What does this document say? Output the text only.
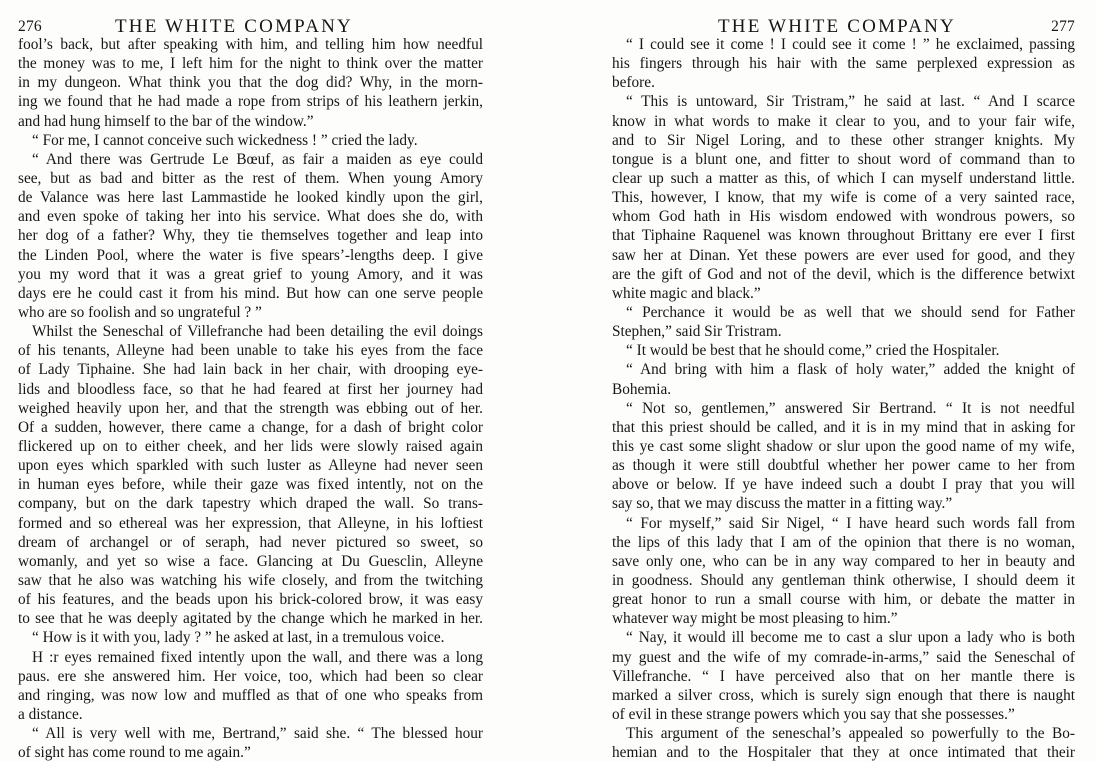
276	THE WHITE COMPANY
fool’s back, but after speaking with him, and telling him how needful
the money was to me, I left him for the night to think over the matter
in my dungeon. What think you that the dog did? Why, in the morn-
ing we found that he had made a rope from strips of his leathern jerkin,
and had hung himself to the bar of the window.”
“ For me, I cannot conceive such wickedness ! ” cried the lady.
“ And there was Gertrude Le Bœuf, as fair a maiden as eye could
see, but as bad and bitter as the rest of them. When young Amory
de Valance was here last Lammastide he looked kindly upon the girl,
and even spoke of taking her into his service. What does she do, with
her dog of a father? Why, they tie themselves together and leap into
the Linden Pool, where the water is five spears’-lengths deep. I give
you my word that it was a great grief to young Amory, and it was
days ere he could cast it from his mind. But how can one serve people
who are so foolish and so ungrateful ? ”
Whilst the Seneschal of Villefranche had been detailing the evil doings
of his tenants, Alleyne had been unable to take his eyes from the face
of Lady Tiphaine. She had lain back in her chair, with drooping eye-
lids and bloodless face, so that he had feared at first her journey had
weighed heavily upon her, and that the strength was ebbing out of her.
Of a sudden, however, there came a change, for a dash of bright color
flickered up on to either cheek, and her lids were slowly raised again
upon eyes which sparkled with such luster as Alleyne had never seen
in human eyes before, while their gaze was fixed intently, not on the
company, but on the dark tapestry which draped the wall. So trans-
formed and so ethereal was her expression, that Alleyne, in his loftiest
dream of archangel or of seraph, had never pictured so sweet, so
womanly, and yet so wise a face. Glancing at Du Guesclin, Alleyne
saw that he also was watching his wife closely, and from the twitching
of his features, and the beads upon his brick-colored brow, it was easy
to see that he was deeply agitated by the change which he marked in her.
“ How is it with you, lady ? ” he asked at last, in a tremulous voice.
H :r eyes remained fixed intently upon the wall, and there was a long
paus. ere she answered him. Her voice, too, which had been so clear
and ringing, was now low and muffled as that of one who speaks from
a distance.
“ All is very well with me, Bertrand,” said she. “ The blessed hour
of sight has come round to me again.”
THE WHITE COMPANY	277
“ I could see it come ! I could see it come ! ” he exclaimed, passing
his fingers through his hair with the same perplexed expression as
before.
“ This is untoward, Sir Tristram,” he said at last. “ And I scarce
know in what words to make it clear to you, and to your fair wife,
and to Sir Nigel Loring, and to these other stranger knights. My
tongue is a blunt one, and fitter to shout word of command than to
clear up such a matter as this, of which I can myself understand little.
This, however, I know, that my wife is come of a very sainted race,
whom God hath in His wisdom endowed with wondrous powers, so
that Tiphaine Raquenel was known throughout Brittany ere ever I first
saw her at Dinan. Yet these powers are ever used for good, and they
are the gift of God and not of the devil, which is the difference betwixt
white magic and black.”
“ Perchance it would be as well that we should send for Father
Stephen,” said Sir Tristram.
“ It would be best that he should come,” cried the Hospitaler.
“ And bring with him a flask of holy water,” added the knight of
Bohemia.
“ Not so, gentlemen,” answered Sir Bertrand. “ It is not needful
that this priest should be called, and it is in my mind that in asking for
this ye cast some slight shadow or slur upon the good name of my wife,
as though it were still doubtful whether her power came to her from
above or below. If ye have indeed such a doubt I pray that you will
say so, that we may discuss the matter in a fitting way.”
“ For myself,” said Sir Nigel, “ I have heard such words fall from
the lips of this lady that I am of the opinion that there is no woman,
save only one, who can be in any way compared to her in beauty and
in goodness. Should any gentleman think otherwise, I should deem it
great honor to run a small course with him, or debate the matter in
whatever way might be most pleasing to him.”
“ Nay, it would ill become me to cast a slur upon a lady who is both
my guest and the wife of my comrade-in-arms,” said the Seneschal of
Villefranche. “ I have perceived also that on her mantle there is
marked a silver cross, which is surely sign enough that there is naught
of evil in these strange powers which you say that she possesses.”
This argument of the seneschal’s appealed so powerfully to the Bo-
hemian and to the Hospitaler that they at once intimated that their
